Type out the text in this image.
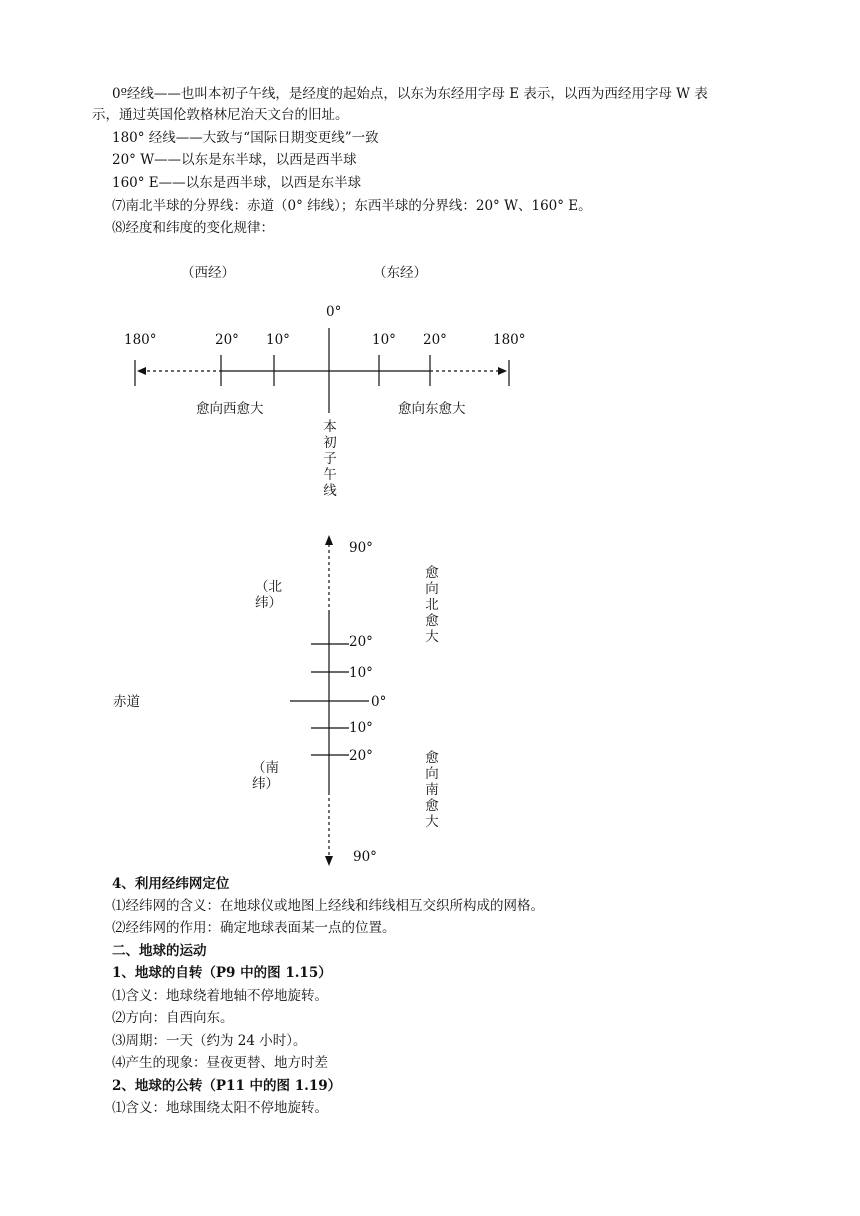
0º经线——也叫本初子午线，是经度的起始点，以东为东经用字母 E 表示，以西为西经用字母 W 表
示，通过英国伦敦格林尼治天文台的旧址。
180° 经线——大致与“国际日期变更线”一致
20° W——以东是东半球，以西是西半球
160° E——以东是西半球，以西是东半球
⑺南北半球的分界线：赤道（0° 纬线）；东西半球的分界线：20° W、160° E。
⑻经度和纬度的变化规律：
（西经）	（东经）
0°
180°	20° 10°	10° 20°	180°
愈向西愈大	愈向东愈大
本初子午线
90°
（北纬）
愈向北愈大
20°
10°
赤道	0°
10°
20°	愈向南愈大
（南纬）
90°
4、利用经纬网定位
⑴经纬网的含义：在地球仪或地图上经线和纬线相互交织所构成的网格。
⑵经纬网的作用：确定地球表面某一点的位置。
二、地球的运动
1、地球的自转（P9 中的图 1.15）
⑴含义：地球绕着地轴不停地旋转。
⑵方向：自西向东。
⑶周期：一天（约为 24 小时）。
⑷产生的现象：昼夜更替、地方时差
2、地球的公转（P11 中的图 1.19）
⑴含义：地球围绕太阳不停地旋转。
